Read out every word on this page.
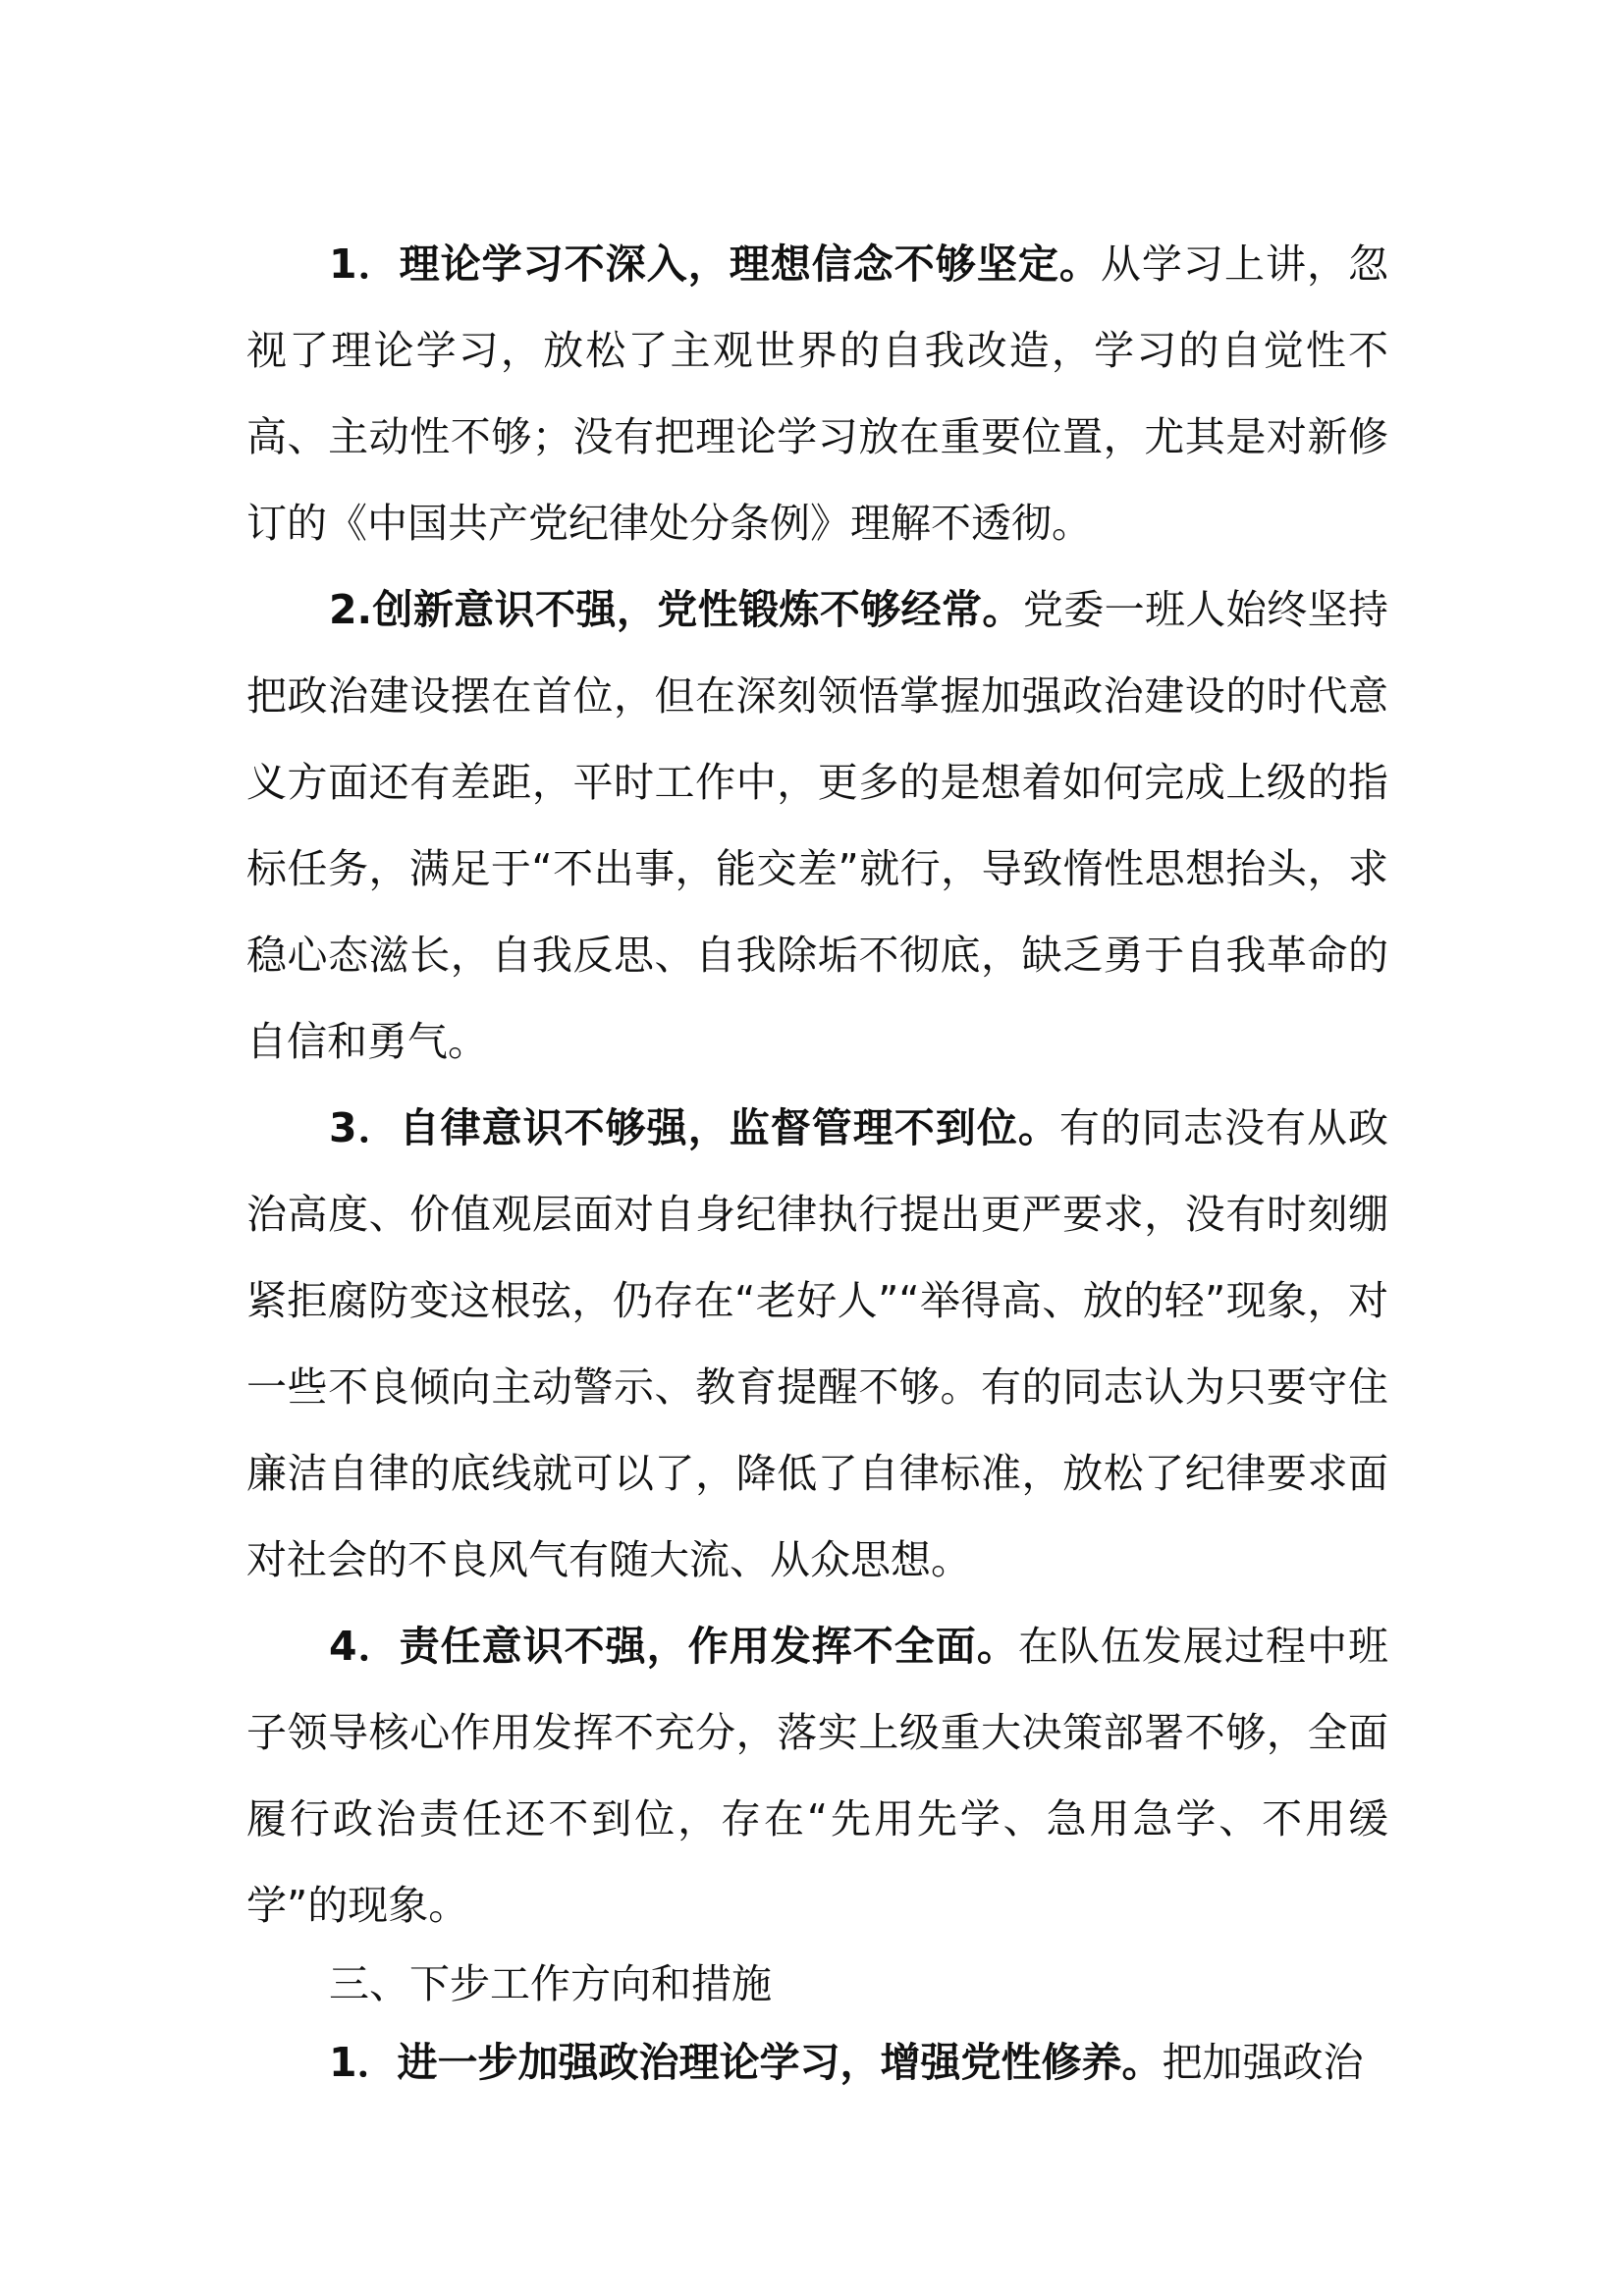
1．理论学习不深入，理想信念不够坚定。从学习上讲，忽视了理论学习，放松了主观世界的自我改造，学习的自觉性不高、主动性不够；没有把理论学习放在重要位置，尤其是对新修订的《中国共产党纪律处分条例》理解不透彻。

2.创新意识不强，党性锻炼不够经常。党委一班人始终坚持把政治建设摆在首位，但在深刻领悟掌握加强政治建设的时代意义方面还有差距，平时工作中，更多的是想着如何完成上级的指标任务，满足于“不出事，能交差”就行，导致惰性思想抬头，求稳心态滋长，自我反思、自我除垢不彻底，缺乏勇于自我革命的自信和勇气。

3．自律意识不够强，监督管理不到位。有的同志没有从政治高度、价值观层面对自身纪律执行提出更严要求，没有时刻绷紧拒腐防变这根弦，仍存在“老好人”“举得高、放的轻”现象，对一些不良倾向主动警示、教育提醒不够。有的同志认为只要守住廉洁自律的底线就可以了，降低了自律标准，放松了纪律要求面对社会的不良风气有随大流、从众思想。

4．责任意识不强，作用发挥不全面。在队伍发展过程中班子领导核心作用发挥不充分，落实上级重大决策部署不够，全面履行政治责任还不到位，存在“先用先学、急用急学、不用缓学”的现象。

三、下步工作方向和措施

1．进一步加强政治理论学习，增强党性修养。把加强政治
